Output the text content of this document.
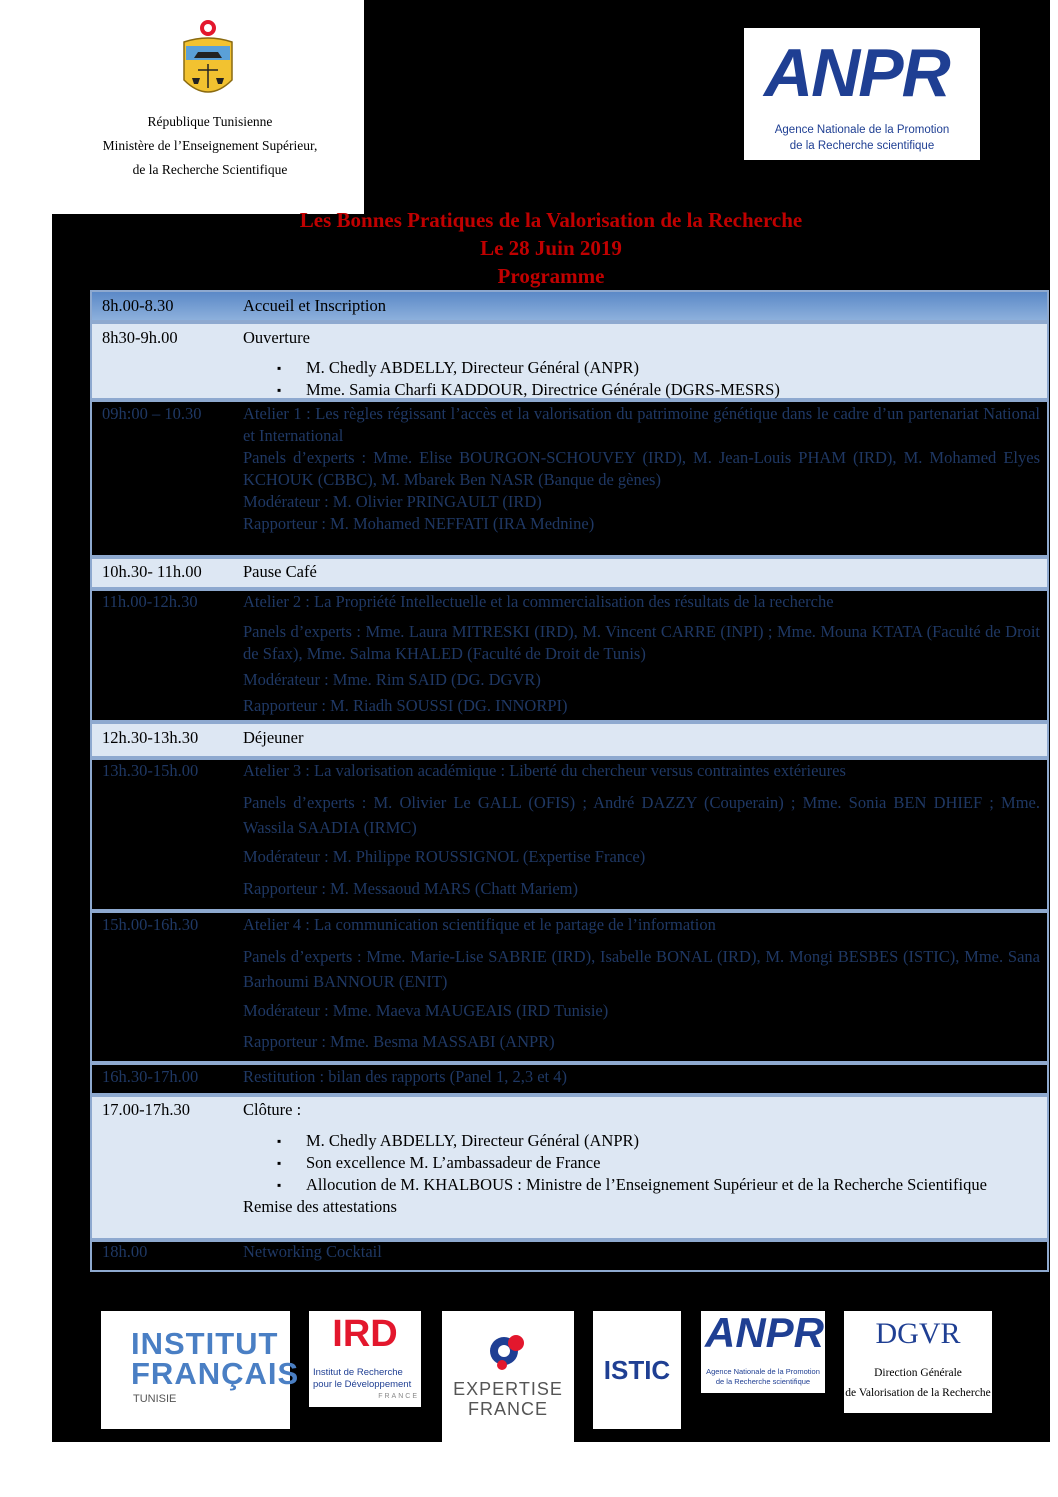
République Tunisienne
Ministère de l’Enseignement Supérieur,
de la Recherche Scientifique
ANPR
Agence Nationale de la Promotion
de la Recherche scientifique
Les Bonnes Pratiques de la Valorisation de la Recherche
Le 28 Juin 2019
Programme
8h.00-8.30	Accueil et Inscription
8h30-9h.00	Ouverture
▪ M. Chedly ABDELLY, Directeur Général (ANPR)
▪ Mme. Samia Charfi KADDOUR, Directrice Générale (DGRS-MESRS)
09h:00 – 10.30	Atelier 1 : Les règles régissant l’accès et la valorisation du patrimoine génétique dans le cadre d’un partenariat National et International
Panels d’experts : Mme. Elise BOURGON-SCHOUVEY (IRD), M. Jean-Louis PHAM (IRD), M. Mohamed Elyes KCHOUK (CBBC), M. Mbarek Ben NASR (Banque de gènes)
Modérateur : M. Olivier PRINGAULT (IRD)
Rapporteur : M. Mohamed NEFFATI (IRA Mednine)
10h.30- 11h.00 Pause Café
11h.00-12h.30	Atelier 2 : La Propriété Intellectuelle et la commercialisation des résultats de la recherche
Panels d’experts : Mme. Laura MITRESKI (IRD), M. Vincent CARRE (INPI) ; Mme. Mouna KTATA (Faculté de Droit de Sfax), Mme. Salma KHALED (Faculté de Droit de Tunis)
Modérateur : Mme. Rim SAID (DG. DGVR)
Rapporteur : M. Riadh SOUSSI (DG. INNORPI)
12h.30-13h.30	Déjeuner
13h.30-15h.00	Atelier 3 : La valorisation académique : Liberté du chercheur versus contraintes extérieures
Panels d’experts : M. Olivier Le GALL (OFIS) ; André DAZZY (Couperain) ; Mme. Sonia BEN DHIEF ; Mme. Wassila SAADIA (IRMC)
Modérateur : M. Philippe ROUSSIGNOL (Expertise France)
Rapporteur : M. Messaoud MARS (Chatt Mariem)
15h.00-16h.30	Atelier 4 : La communication scientifique et le partage de l’information
Panels d’experts : Mme. Marie-Lise SABRIE (IRD), Isabelle BONAL (IRD), M. Mongi BESBES (ISTIC), Mme. Sana Barhoumi BANNOUR (ENIT)
Modérateur : Mme. Maeva MAUGEAIS (IRD Tunisie)
Rapporteur : Mme. Besma MASSABI (ANPR)
16h.30-17h.00	Restitution : bilan des rapports (Panel 1, 2,3 et 4)
17.00-17h.30	Clôture :
▪ M. Chedly ABDELLY, Directeur Général (ANPR)
▪ Son excellence M. L’ambassadeur de France
▪ Allocution de M. KHALBOUS : Ministre de l’Enseignement Supérieur et de la Recherche Scientifique
Remise des attestations
18h.00	Networking Cocktail
INSTITUT
FRANÇAIS
TUNISIE
IRD
Institut de Recherche
pour le Développement
FRANCE	EXPERTISE
FRANCE
ISTIC
ANPR
Agence Nationale de la Promotion
de la Recherche scientifique
DGVR
Direction Générale
de Valorisation de la Recherche
